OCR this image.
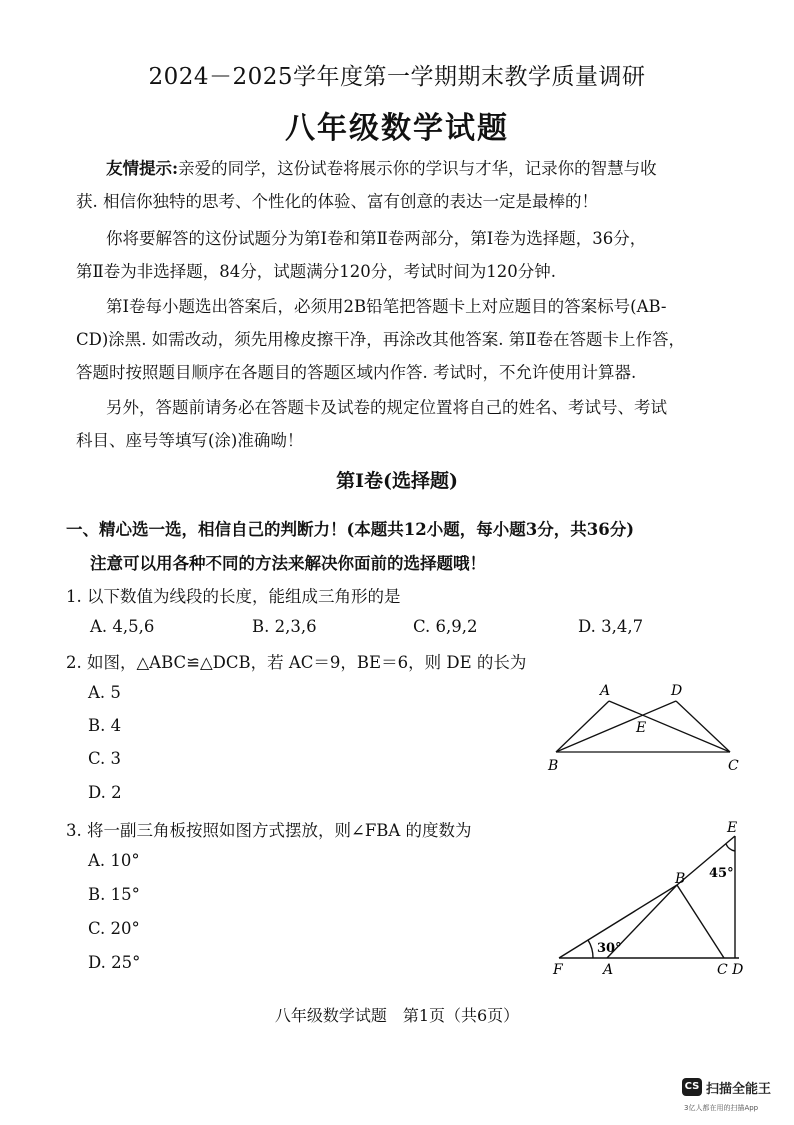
2024－2025学年度第一学期期末教学质量调研
八年级数学试题
友情提示:亲爱的同学，这份试卷将展示你的学识与才华，记录你的智慧与收
获. 相信你独特的思考、个性化的体验、富有创意的表达一定是最棒的！
你将要解答的这份试题分为第Ⅰ卷和第Ⅱ卷两部分，第Ⅰ卷为选择题，36分，
第Ⅱ卷为非选择题，84分，试题满分120分，考试时间为120分钟.
第Ⅰ卷每小题选出答案后，必须用2B铅笔把答题卡上对应题目的答案标号(AB-
CD)涂黑. 如需改动，须先用橡皮擦干净，再涂改其他答案. 第Ⅱ卷在答题卡上作答，
答题时按照题目顺序在各题目的答题区域内作答. 考试时，不允许使用计算器.
另外，答题前请务必在答题卡及试卷的规定位置将自己的姓名、考试号、考试
科目、座号等填写(涂)准确呦！
第Ⅰ卷(选择题)
一、精心选一选，相信自己的判断力！(本题共12小题，每小题3分，共36分)
注意可以用各种不同的方法来解决你面前的选择题哦！
1. 以下数值为线段的长度，能组成三角形的是
A. 4,5,6	B. 2,3,6	C. 6,9,2	D. 3,4,7
2. 如图，△ABC≌△DCB，若 AC＝9，BE＝6，则 DE 的长为
A. 5
B. 4
C. 3
D. 2
A	D
E
B	C
3. 将一副三角板按照如图方式摆放，则∠FBA 的度数为
A. 10°
B. 15°
C. 20°
D. 25°
E
B 45°
30°
F	A	C D
八年级数学试题　第1页（共6页）
CS 扫描全能王
3亿人都在用的扫描App
